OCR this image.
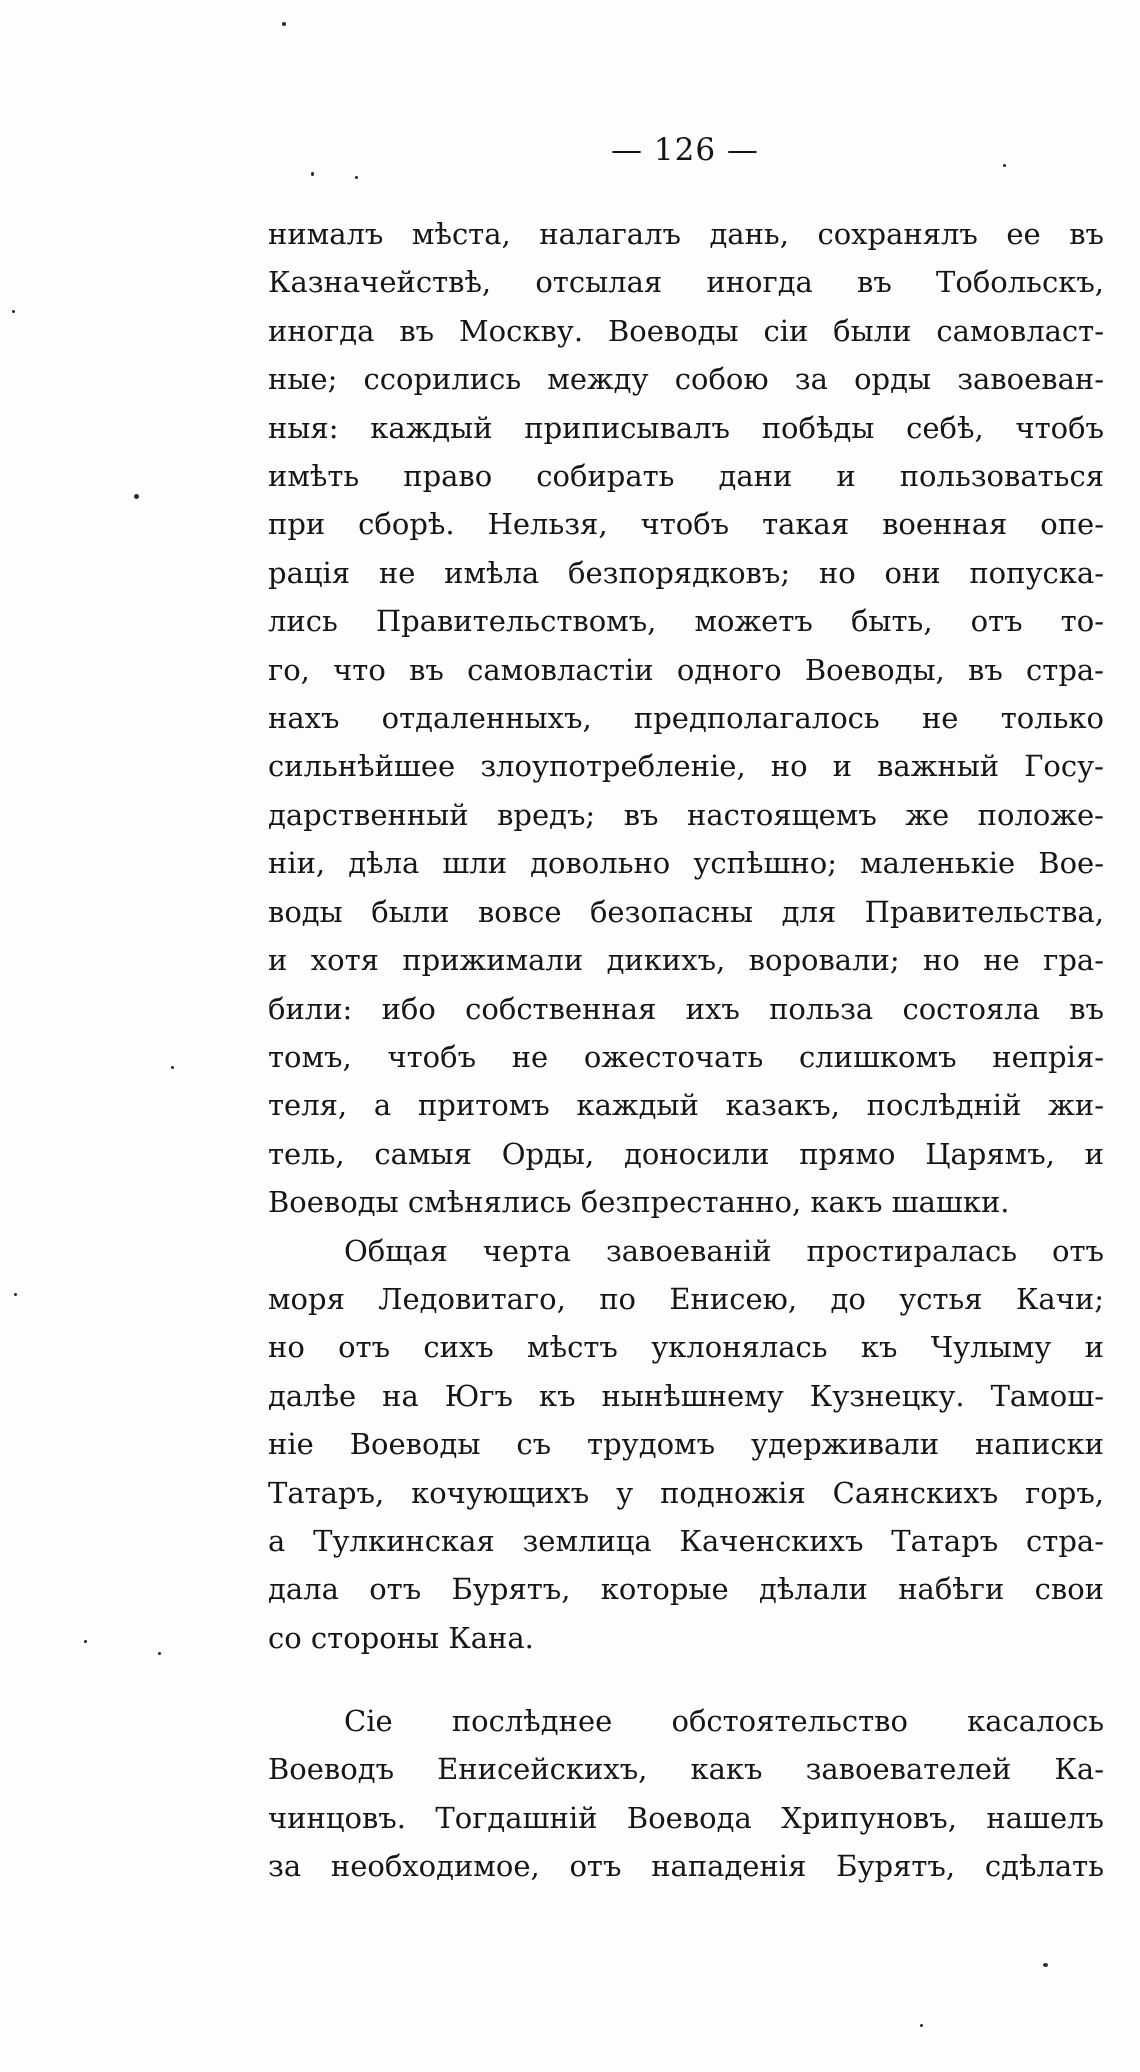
— 126 —
нималъ мѣста, налагалъ дань, сохранялъ ее въ
Казначействѣ, отсылая иногда въ Тобольскъ,
иногда въ Москву. Воеводы сіи были самовласт-
ные; ссорились между собою за орды завоеван-
ныя: каждый приписывалъ побѣды себѣ, чтобъ
имѣть право собирать дани и пользоваться
при сборѣ. Нельзя, чтобъ такая военная опе-
рація не имѣла безпорядковъ; но они попуска-
лись Правительствомъ, можетъ быть, отъ то-
го, что въ самовластіи одного Воеводы, въ стра-
нахъ отдаленныхъ, предполагалось не только
сильнѣйшее злоупотребленіе, но и важный Госу-
дарственный вредъ; въ настоящемъ же положе-
ніи, дѣла шли довольно успѣшно; маленькіе Вое-
воды были вовсе безопасны для Правительства,
и хотя прижимали дикихъ, воровали; но не гра-
били: ибо собственная ихъ польза состояла въ
томъ, чтобъ не ожесточать слишкомъ непрія-
теля, а притомъ каждый казакъ, послѣдній жи-
тель, самыя Орды, доносили прямо Царямъ, и
Воеводы смѣнялись безпрестанно, какъ шашки.
Общая черта завоеваній простиралась отъ
моря Ледовитаго, по Енисею, до устья Качи;
но отъ сихъ мѣстъ уклонялась къ Чулыму и
далѣе на Югъ къ нынѣшнему Кузнецку. Тамош-
ніе Воеводы съ трудомъ удерживали написки
Татаръ, кочующихъ у подножія Саянскихъ горъ,
а Тулкинская землица Каченскихъ Татаръ стра-
дала отъ Бурятъ, которые дѣлали набѣги свои
со стороны Кана.
Сіе послѣднее обстоятельство касалось
Воеводъ Енисейскихъ, какъ завоевателей Ка-
чинцовъ. Тогдашній Воевода Хрипуновъ, нашелъ
за необходимое, отъ нападенія Бурятъ, сдѣлать
